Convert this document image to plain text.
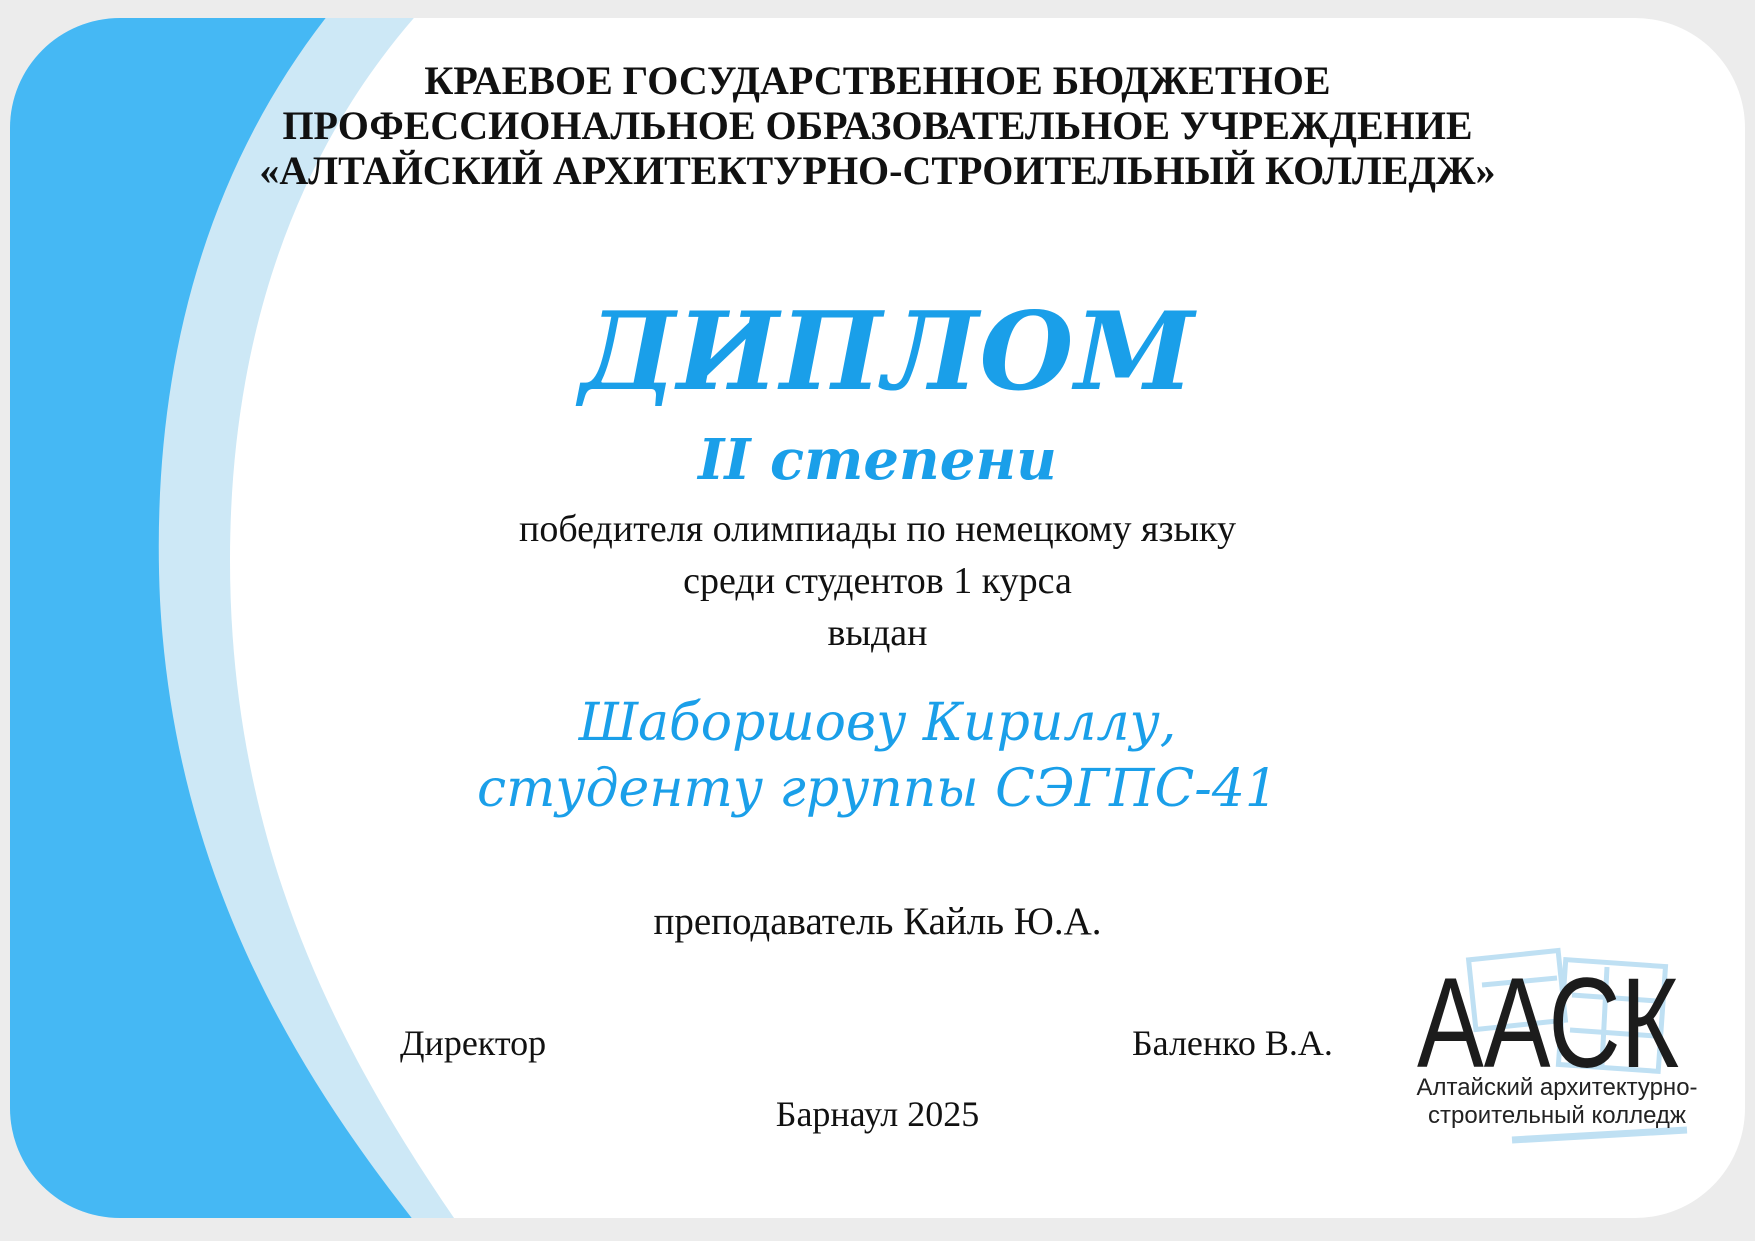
КРАЕВОЕ ГОСУДАРСТВЕННОЕ БЮДЖЕТНОЕ
ПРОФЕССИОНАЛЬНОЕ ОБРАЗОВАТЕЛЬНОЕ УЧРЕЖДЕНИЕ
«АЛТАЙСКИЙ АРХИТЕКТУРНО-СТРОИТЕЛЬНЫЙ КОЛЛЕДЖ»
ДИПЛОМ
II степени
победителя олимпиады по немецкому языку
среди студентов 1 курса
выдан
Шаборшову Кириллу,
студенту группы СЭГПС-41
преподаватель Кайль Ю.А.
Директор	Баленко В.А.
Барнаул 2025
ААСК
Алтайский архитектурно-
строительный колледж
